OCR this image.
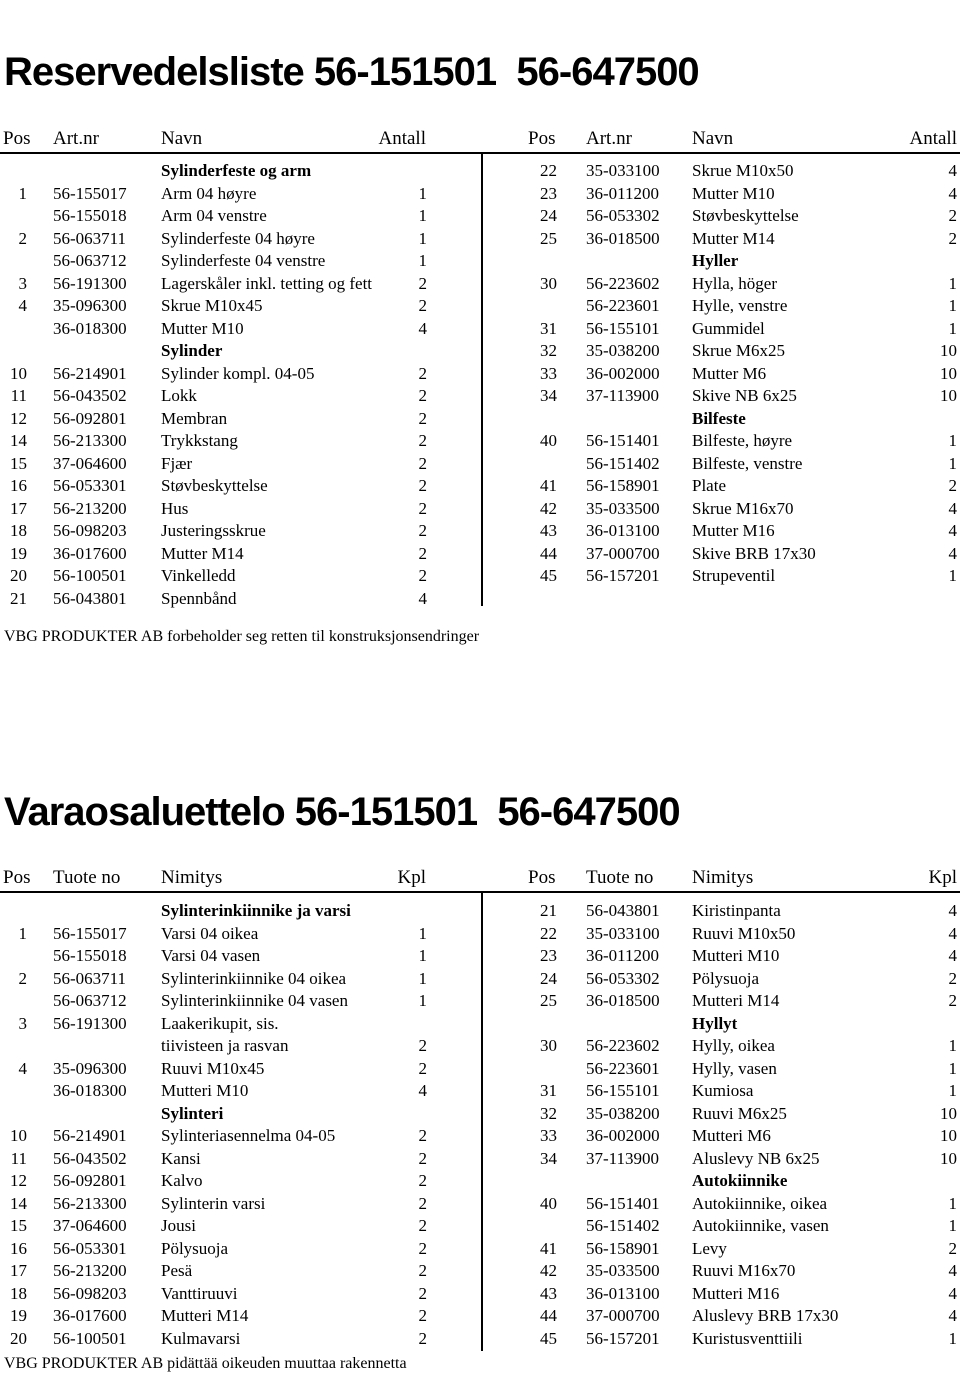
Reservedelsliste 56-151501  56-647500
Pos Art.nr	Navn	Antall	Pos Art.nr	Navn	Antall
Sylinderfeste og arm
1 56-155017 Arm 04 høyre	1
56-155018 Arm 04 venstre	1
2 56-063711 Sylinderfeste 04 høyre	1
56-063712 Sylinderfeste 04 venstre	1
3 56-191300 Lagerskåler inkl. tetting og fett	2
4 35-096300 Skrue M10x45	2
36-018300 Mutter M10	4
Sylinder
10 56-214901 Sylinder kompl. 04-05	2
11 56-043502 Lokk	2
12 56-092801 Membran	2
14 56-213300 Trykkstang	2
15 37-064600 Fjær	2
16 56-053301 Støvbeskyttelse	2
17 56-213200 Hus	2
18 56-098203 Justeringsskrue	2
19 36-017600 Mutter M14	2
20 56-100501 Vinkelledd	2
21 56-043801 Spennbånd	4
22 35-033100 Skrue M10x50	4
23 36-011200 Mutter M10	4
24 56-053302 Støvbeskyttelse	2
25 36-018500 Mutter M14	2
Hyller
30 56-223602 Hylla, höger	1
56-223601 Hylle, venstre	1
31 56-155101 Gummidel	1
32 35-038200 Skrue M6x25	10
33 36-002000 Mutter M6	10
34 37-113900 Skive NB 6x25	10
Bilfeste
40 56-151401 Bilfeste, høyre	1
56-151402 Bilfeste, venstre	1
41 56-158901 Plate	2
42 35-033500 Skrue M16x70	4
43 36-013100 Mutter M16	4
44 37-000700 Skive BRB 17x30	4
45 56-157201 Strupeventil	1
VBG PRODUKTER AB forbeholder seg retten til konstruksjonsendringer
Varaosaluettelo 56-151501  56-647500
Pos Tuote no Nimitys	Kpl	Pos Tuote no Nimitys	Kpl
Sylinterinkiinnike ja varsi
1 56-155017 Varsi 04 oikea	1
56-155018 Varsi 04 vasen	1
2 56-063711 Sylinterinkiinnike 04 oikea	1
56-063712 Sylinterinkiinnike 04 vasen	1
3 56-191300 Laakerikupit, sis.
tiivisteen ja rasvan	2
4 35-096300 Ruuvi M10x45	2
36-018300 Mutteri M10	4
Sylinteri
10 56-214901 Sylinteriasennelma 04-05	2
11 56-043502 Kansi	2
12 56-092801 Kalvo	2
14 56-213300 Sylinterin varsi	2
15 37-064600 Jousi	2
16 56-053301 Pölysuoja	2
17 56-213200 Pesä	2
18 56-098203 Vanttiruuvi	2
19 36-017600 Mutteri M14	2
20 56-100501 Kulmavarsi	2
21 56-043801 Kiristinpanta	4
22 35-033100 Ruuvi M10x50	4
23 36-011200 Mutteri M10	4
24 56-053302 Pölysuoja	2
25 36-018500 Mutteri M14	2
Hyllyt
30 56-223602 Hylly, oikea	1
56-223601 Hylly, vasen	1
31 56-155101 Kumiosa	1
32 35-038200 Ruuvi M6x25	10
33 36-002000 Mutteri M6	10
34 37-113900 Aluslevy NB 6x25	10
Autokiinnike
40 56-151401 Autokiinnike, oikea	1
56-151402 Autokiinnike, vasen	1
41 56-158901 Levy	2
42 35-033500 Ruuvi M16x70	4
43 36-013100 Mutteri M16	4
44 37-000700 Aluslevy BRB 17x30	4
45 56-157201 Kuristusventtiili	1
VBG PRODUKTER AB pidättää oikeuden muuttaa rakennetta
